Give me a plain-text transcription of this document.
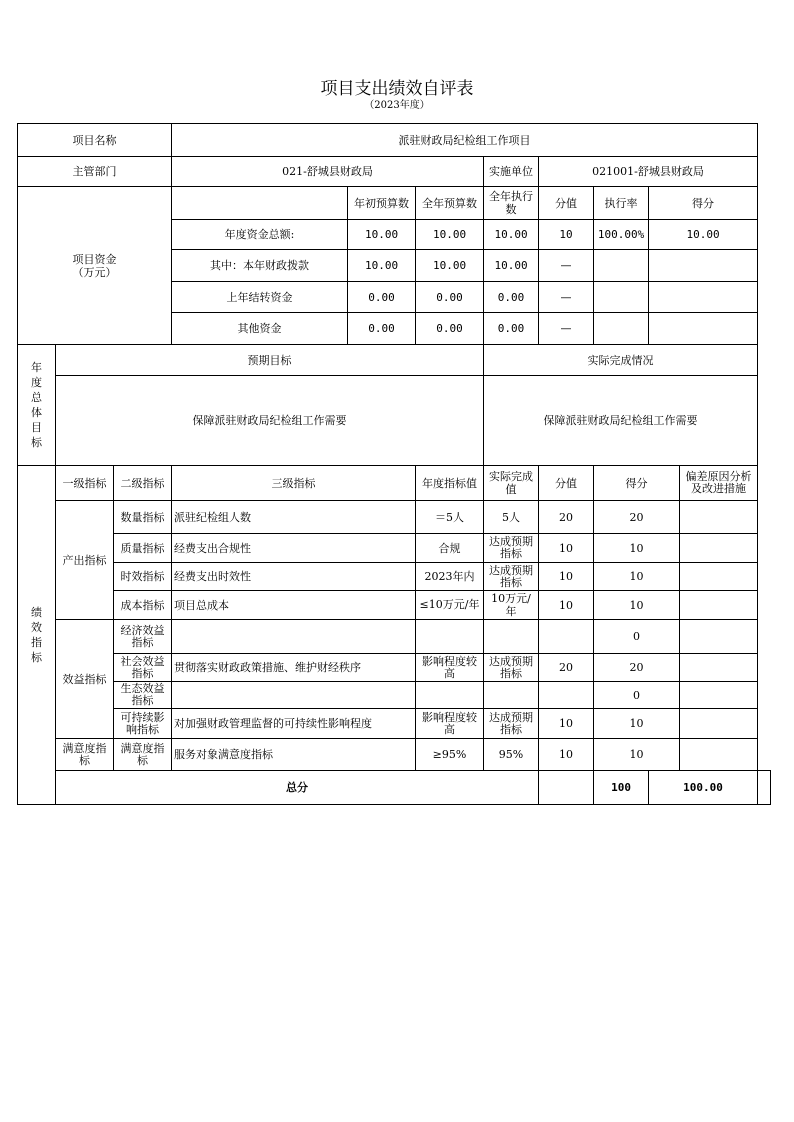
项目支出绩效自评表
（2023年度）
项目名称			派驻财政局纪检组工作项目								
主管部门			021-舒城县财政局			实施单位	021001-舒城县财政局				
项目资金（万元）				年初预算数	全年预算数	全年执行数	分值	执行率	得分		
			年度资金总额:	10.00	10.00	10.00	10	100.00%	10.00		
			其中：本年财政拨款	10.00	10.00	10.00	—				
			上年结转资金	0.00	0.00	0.00	—				
			其他资金	0.00	0.00	0.00	—				
年度总体目标	预期目标					实际完成情况					
	保障派驻财政局纪检组工作需要					保障派驻财政局纪检组工作需要					
绩效指标	一级指标	二级指标	三级指标		年度指标值	实际完成值	分值	得分		偏差原因分析及改进措施	
	产出指标	数量指标	派驻纪检组人数		＝5人	5人	20	20			
		质量指标	经费支出合规性		合规	达成预期指标	10	10			
		时效指标	经费支出时效性		2023年内	达成预期指标	10	10			
		成本指标	项目总成本		≤10万元/年	10万元/年	10	10			
	效益指标	经济效益指标						0			
		社会效益指标	贯彻落实财政政策措施、维护财经秩序		影响程度较高	达成预期指标	20	20			
		生态效益指标						0			
		可持续影响指标	对加强财政管理监督的可持续性影响程度		影响程度较高	达成预期指标	10	10			
	满意度指标	满意度指标	服务对象满意度指标		≥95%	95%	10	10			
	总分							100	100.00		
